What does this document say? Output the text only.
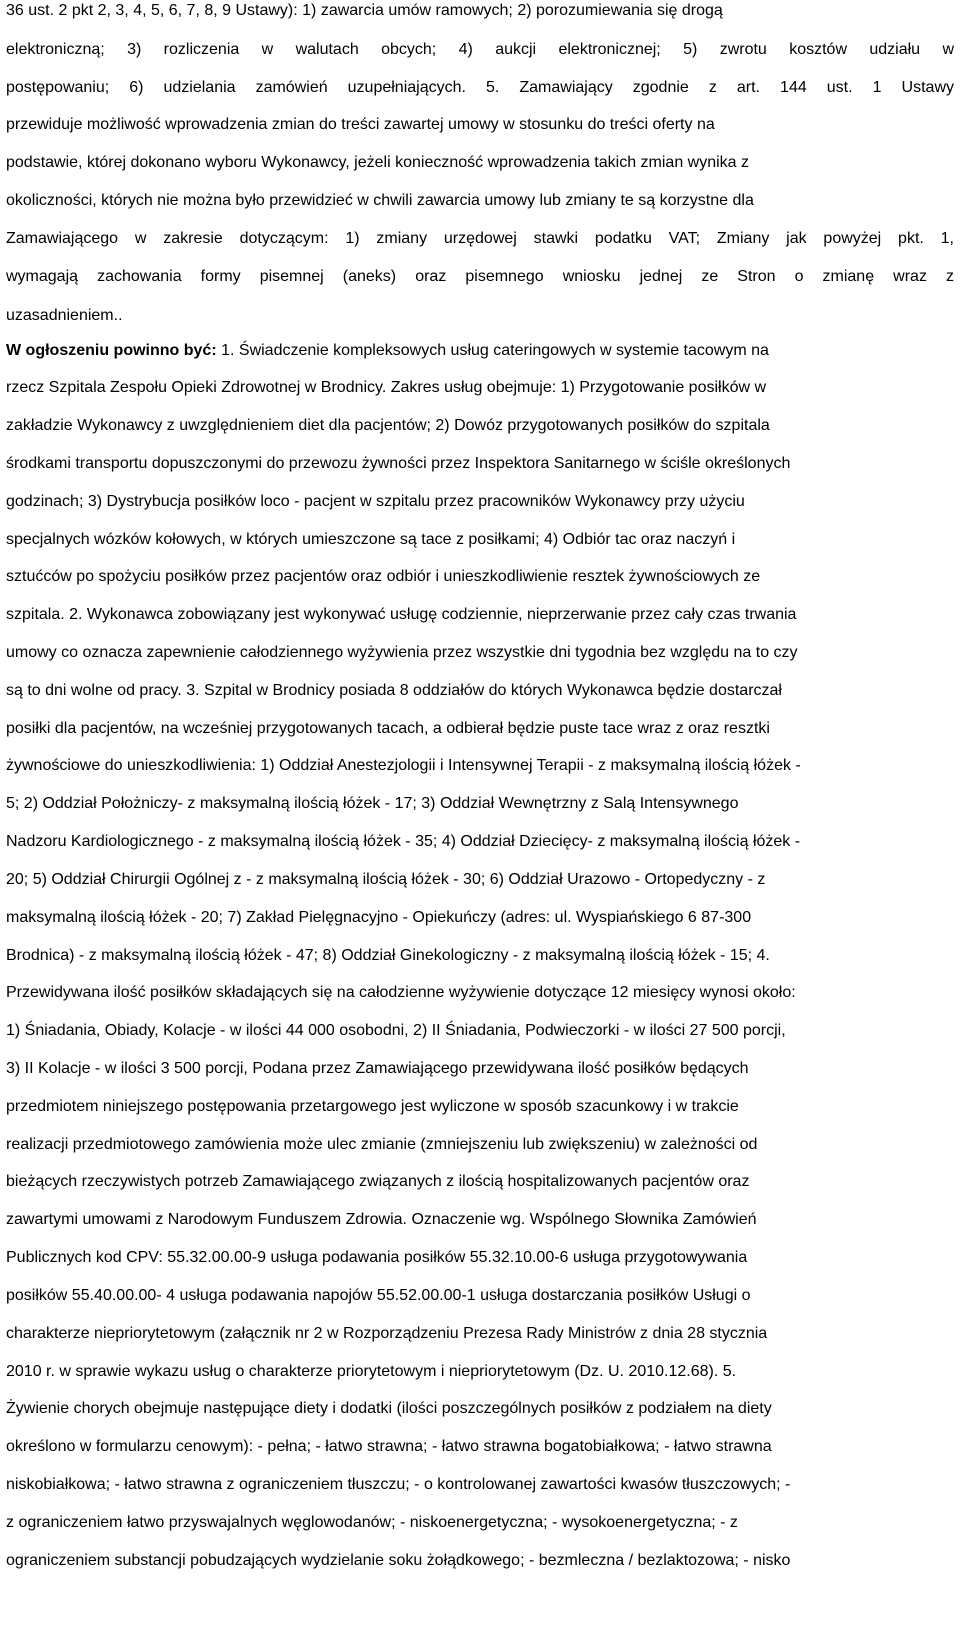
36 ust. 2 pkt 2, 3, 4, 5, 6, 7, 8, 9 Ustawy): 1) zawarcia umów ramowych; 2) porozumiewania się drogą
elektroniczną; 3) rozliczenia w walutach obcych; 4) aukcji elektronicznej; 5) zwrotu kosztów udziału w
postępowaniu; 6) udzielania zamówień uzupełniających. 5. Zamawiający zgodnie z art. 144 ust. 1 Ustawy
przewiduje możliwość wprowadzenia zmian do treści zawartej umowy w stosunku do treści oferty na
podstawie, której dokonano wyboru Wykonawcy, jeżeli konieczność wprowadzenia takich zmian wynika z
okoliczności, których nie można było przewidzieć w chwili zawarcia umowy lub zmiany te są korzystne dla
Zamawiającego w zakresie dotyczącym: 1) zmiany urzędowej stawki podatku VAT; Zmiany jak powyżej pkt. 1,
wymagają zachowania formy pisemnej (aneks) oraz pisemnego wniosku jednej ze Stron o zmianę wraz z
uzasadnieniem..
W ogłoszeniu powinno być: 1. Świadczenie kompleksowych usług cateringowych w systemie tacowym na
rzecz Szpitala Zespołu Opieki Zdrowotnej w Brodnicy. Zakres usług obejmuje: 1) Przygotowanie posiłków w
zakładzie Wykonawcy z uwzględnieniem diet dla pacjentów; 2) Dowóz przygotowanych posiłków do szpitala
środkami transportu dopuszczonymi do przewozu żywności przez Inspektora Sanitarnego w ściśle określonych
godzinach; 3) Dystrybucja posiłków loco - pacjent w szpitalu przez pracowników Wykonawcy przy użyciu
specjalnych wózków kołowych, w których umieszczone są tace z posiłkami; 4) Odbiór tac oraz naczyń i
sztućców po spożyciu posiłków przez pacjentów oraz odbiór i unieszkodliwienie resztek żywnościowych ze
szpitala. 2. Wykonawca zobowiązany jest wykonywać usługę codziennie, nieprzerwanie przez cały czas trwania
umowy co oznacza zapewnienie całodziennego wyżywienia przez wszystkie dni tygodnia bez względu na to czy
są to dni wolne od pracy. 3. Szpital w Brodnicy posiada 8 oddziałów do których Wykonawca będzie dostarczał
posiłki dla pacjentów, na wcześniej przygotowanych tacach, a odbierał będzie puste tace wraz z oraz resztki
żywnościowe do unieszkodliwienia: 1) Oddział Anestezjologii i Intensywnej Terapii - z maksymalną ilością łóżek -
5; 2) Oddział Położniczy- z maksymalną ilością łóżek - 17; 3) Oddział Wewnętrzny z Salą Intensywnego
Nadzoru Kardiologicznego - z maksymalną ilością łóżek - 35; 4) Oddział Dziecięcy- z maksymalną ilością łóżek -
20; 5) Oddział Chirurgii Ogólnej z - z maksymalną ilością łóżek - 30; 6) Oddział Urazowo - Ortopedyczny - z
maksymalną ilością łóżek - 20; 7) Zakład Pielęgnacyjno - Opiekuńczy (adres: ul. Wyspiańskiego 6 87-300
Brodnica) - z maksymalną ilością łóżek - 47; 8) Oddział Ginekologiczny - z maksymalną ilością łóżek - 15; 4.
Przewidywana ilość posiłków składających się na całodzienne wyżywienie dotyczące 12 miesięcy wynosi około:
1) Śniadania, Obiady, Kolacje - w ilości 44 000 osobodni, 2) II Śniadania, Podwieczorki - w ilości 27 500 porcji,
3) II Kolacje - w ilości 3 500 porcji, Podana przez Zamawiającego przewidywana ilość posiłków będących
przedmiotem niniejszego postępowania przetargowego jest wyliczone w sposób szacunkowy i w trakcie
realizacji przedmiotowego zamówienia może ulec zmianie (zmniejszeniu lub zwiększeniu) w zależności od
bieżących rzeczywistych potrzeb Zamawiającego związanych z ilością hospitalizowanych pacjentów oraz
zawartymi umowami z Narodowym Funduszem Zdrowia. Oznaczenie wg. Wspólnego Słownika Zamówień
Publicznych kod CPV: 55.32.00.00-9 usługa podawania posiłków 55.32.10.00-6 usługa przygotowywania
posiłków 55.40.00.00- 4 usługa podawania napojów 55.52.00.00-1 usługa dostarczania posiłków Usługi o
charakterze niepriorytetowym (załącznik nr 2 w Rozporządzeniu Prezesa Rady Ministrów z dnia 28 stycznia
2010 r. w sprawie wykazu usług o charakterze priorytetowym i niepriorytetowym (Dz. U. 2010.12.68). 5.
Żywienie chorych obejmuje następujące diety i dodatki (ilości poszczególnych posiłków z podziałem na diety
określono w formularzu cenowym): - pełna; - łatwo strawna; - łatwo strawna bogatobiałkowa; - łatwo strawna
niskobiałkowa; - łatwo strawna z ograniczeniem tłuszczu; - o kontrolowanej zawartości kwasów tłuszczowych; -
z ograniczeniem łatwo przyswajalnych węglowodanów; - niskoenergetyczna; - wysokoenergetyczna; - z
ograniczeniem substancji pobudzających wydzielanie soku żołądkowego; - bezmleczna / bezlaktozowa; - nisko
